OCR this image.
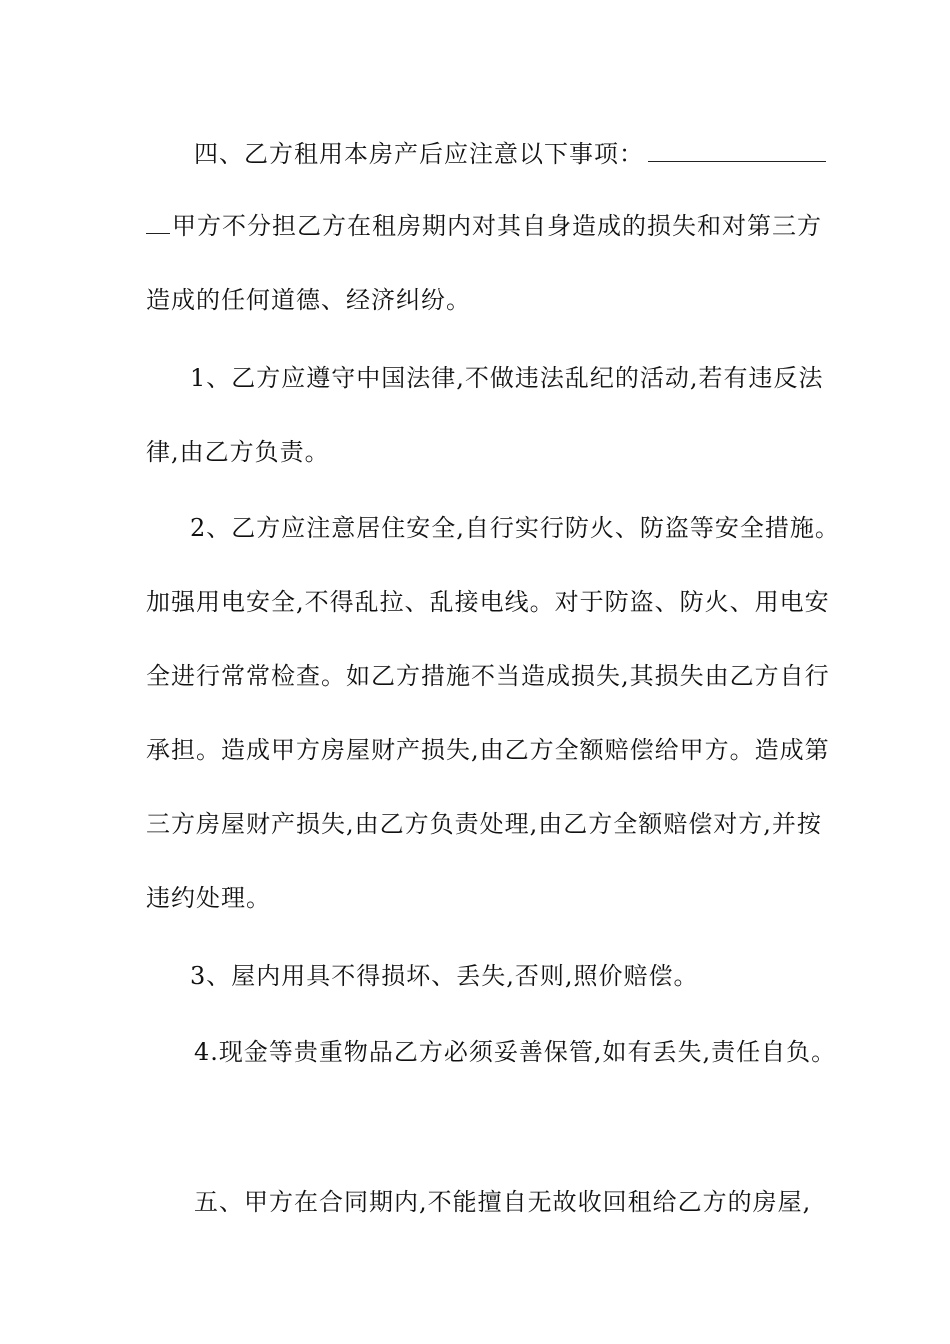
四、乙方租用本房产后应注意以下事项：
甲方不分担乙方在租房期内对其自身造成的损失和对第三方
造成的任何道德、经济纠纷。
1、乙方应遵守中国法律,不做违法乱纪的活动,若有违反法
律,由乙方负责。
2、乙方应注意居住安全,自行实行防火、防盗等安全措施。
加强用电安全,不得乱拉、乱接电线。对于防盗、防火、用电安
全进行常常检查。如乙方措施不当造成损失,其损失由乙方自行
承担。造成甲方房屋财产损失,由乙方全额赔偿给甲方。造成第
三方房屋财产损失,由乙方负责处理,由乙方全额赔偿对方,并按
违约处理。
3、屋内用具不得损坏、丢失,否则,照价赔偿。
4.现金等贵重物品乙方必须妥善保管,如有丢失,责任自负。
五、甲方在合同期内,不能擅自无故收回租给乙方的房屋,
